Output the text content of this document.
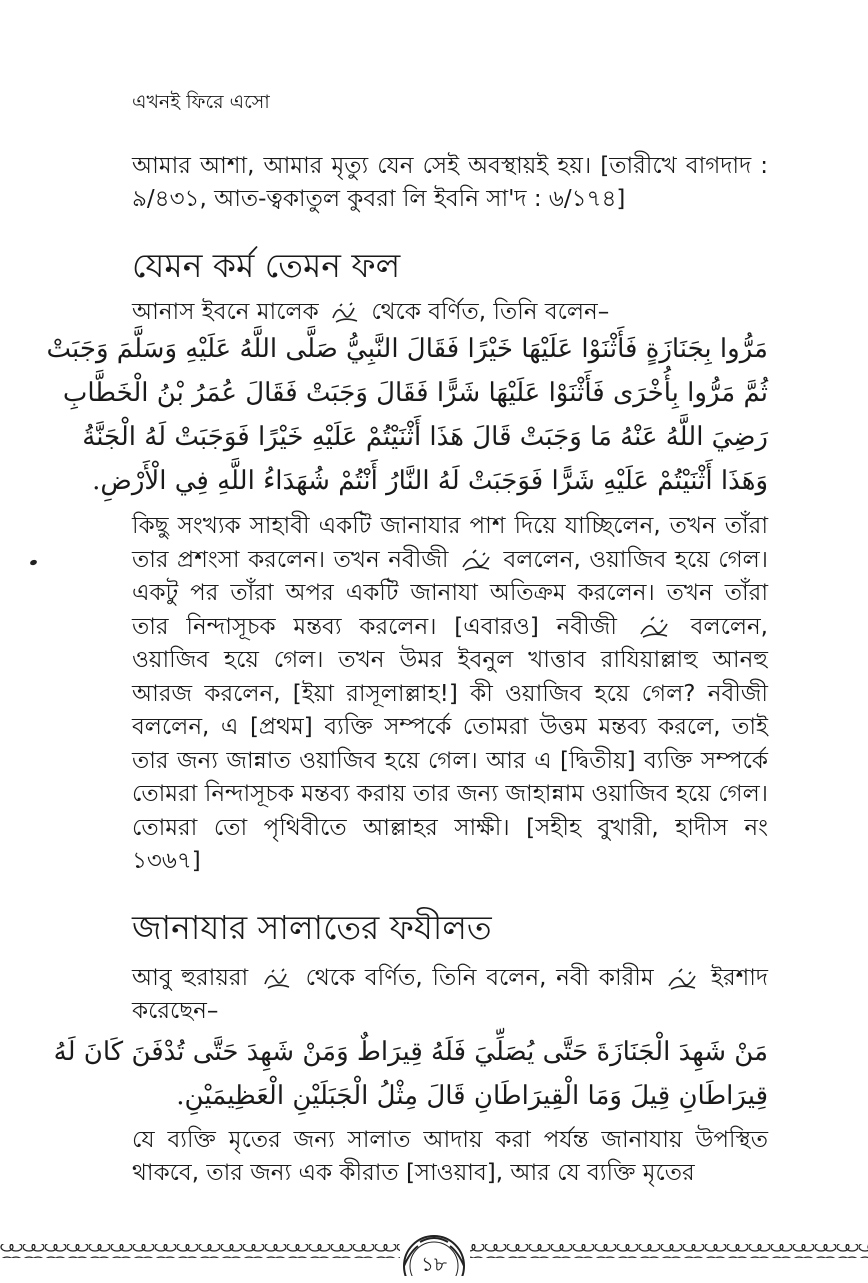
এখনই ফিরে এসো
আমার আশা, আমার মৃত্যু যেন সেই অবস্থায়ই হয়। [তারীখে বাগদাদ : ৯/৪৩১, আত-ত্বকাতুল কুবরা লি ইবনি সা'দ : ৬/১৭৪]
যেমন কর্ম তেমন ফল
আনাস ইবনে মালেক থেকে বর্ণিত, তিনি বলেন–
مَرُّوا بِجَنَازَةٍ فَأَثْنَوْا عَلَيْهَا خَيْرًا فَقَالَ النَّبِيُّ صَلَّى اللَّهُ عَلَيْهِ وَسَلَّمَ وَجَبَتْ
ثُمَّ مَرُّوا بِأُخْرَى فَأَثْنَوْا عَلَيْهَا شَرًّا فَقَالَ وَجَبَتْ فَقَالَ عُمَرُ بْنُ الْخَطَّابِ
رَضِيَ اللَّهُ عَنْهُ مَا وَجَبَتْ قَالَ هَذَا أَثْنَيْتُمْ عَلَيْهِ خَيْرًا فَوَجَبَتْ لَهُ الْجَنَّةُ
وَهَذَا أَثْنَيْتُمْ عَلَيْهِ شَرًّا فَوَجَبَتْ لَهُ النَّارُ أَنْتُمْ شُهَدَاءُ اللَّهِ فِي الْأَرْضِ.
কিছু সংখ্যক সাহাবী একটি জানাযার পাশ দিয়ে যাচ্ছিলেন, তখন তাঁরা তার প্রশংসা করলেন। তখন নবীজী বললেন, ওয়াজিব হয়ে গেল। একটু পর তাঁরা অপর একটি জানাযা অতিক্রম করলেন। তখন তাঁরা তার নিন্দাসূচক মন্তব্য করলেন। [এবারও] নবীজী	বললেন, ওয়াজিব হয়ে গেল। তখন উমর ইবনুল খাত্তাব রাযিয়াল্লাহু আনহু আরজ করলেন, [ইয়া রাসূলাল্লাহ!] কী ওয়াজিব হয়ে গেল? নবীজী বললেন, এ [প্রথম] ব্যক্তি সম্পর্কে তোমরা উত্তম মন্তব্য করলে, তাই তার জন্য জান্নাত ওয়াজিব হয়ে গেল। আর এ [দ্বিতীয়] ব্যক্তি সম্পর্কে তোমরা নিন্দাসূচক মন্তব্য করায় তার জন্য জাহান্নাম ওয়াজিব হয়ে গেল। তোমরা তো পৃথিবীতে আল্লাহর সাক্ষী। [সহীহ বুখারী, হাদীস নং ১৩৬৭]
জানাযার সালাতের ফযীলত
আবু হুরায়রা থেকে বর্ণিত, তিনি বলেন, নবী কারীম ইরশাদ করেছেন–
مَنْ شَهِدَ الْجَنَازَةَ حَتَّى يُصَلِّيَ فَلَهُ قِيرَاطٌ وَمَنْ شَهِدَ حَتَّى تُدْفَنَ كَانَ لَهُ
قِيرَاطَانِ قِيلَ وَمَا الْقِيرَاطَانِ قَالَ مِثْلُ الْجَبَلَيْنِ الْعَظِيمَيْنِ.
যে ব্যক্তি মৃতের জন্য সালাত আদায় করা পর্যন্ত জানাযায় উপস্থিত থাকবে, তার জন্য এক কীরাত [সাওয়াব], আর যে ব্যক্তি মৃতের
১৮
